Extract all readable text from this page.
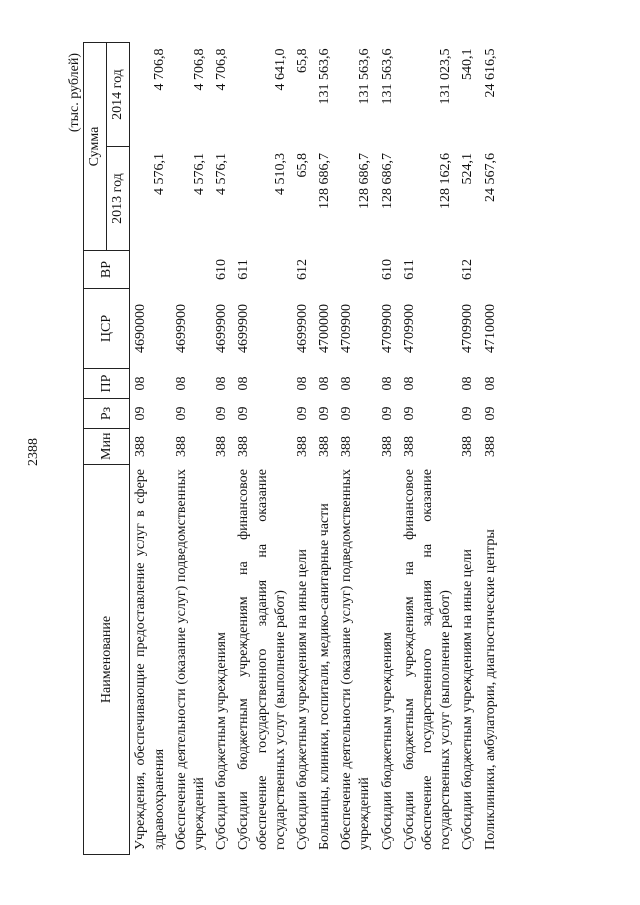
2388
(тыс. рублей)
Наименование	Мин	Рз	ПР	ЦСР	ВР	Сумма	
						2013 год	2014 год
Учреждения, обеспечивающие предоставление услуг в сфере здравоохранения	388	09	08	4690000		4 576,1	4 706,8
Обеспечение деятельности (оказание услуг) подведомственных учреждений	388	09	08	4699900		4 576,1	4 706,8
Субсидии бюджетным учреждениям	388	09	08	4699900	610	4 576,1	4 706,8
Субсидии бюджетным учреждениям на финансовое обеспечение государственного задания на оказание государственных услуг (выполнение работ)	388	09	08	4699900	611	4 510,3	4 641,0
Субсидии бюджетным учреждениям на иные цели	388	09	08	4699900	612	65,8	65,8
Больницы, клиники, госпитали, медико-санитарные части	388	09	08	4700000		128 686,7	131 563,6
Обеспечение деятельности (оказание услуг) подведомственных учреждений	388	09	08	4709900		128 686,7	131 563,6
Субсидии бюджетным учреждениям	388	09	08	4709900	610	128 686,7	131 563,6
Субсидии бюджетным учреждениям на финансовое обеспечение государственного задания на оказание государственных услуг (выполнение работ)	388	09	08	4709900	611	128 162,6	131 023,5
Субсидии бюджетным учреждениям на иные цели	388	09	08	4709900	612	524,1	540,1
Поликлиники, амбулатории, диагностические центры	388	09	08	4710000		24 567,6	24 616,5
